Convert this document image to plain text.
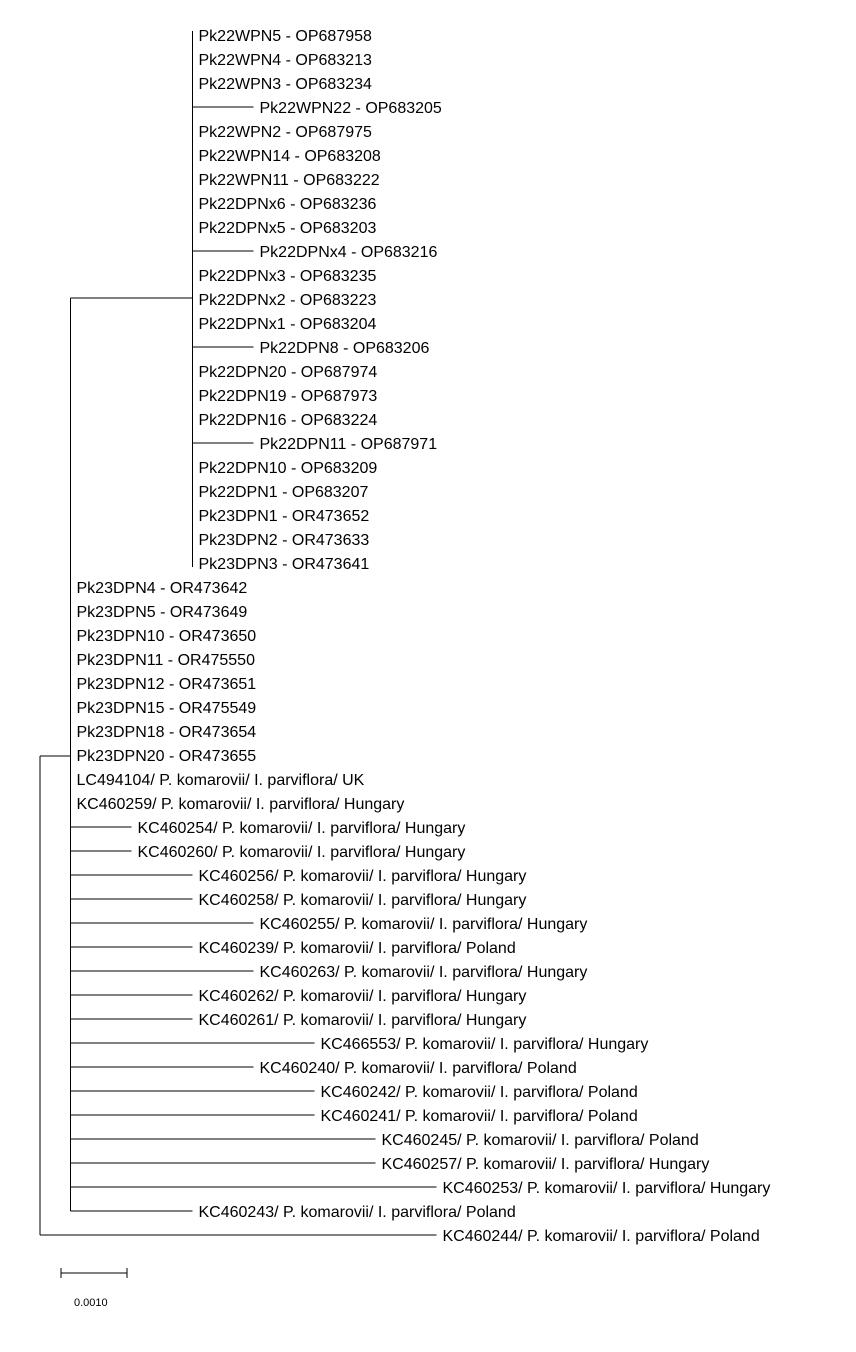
Pk22WPN5 - OP687958
Pk22WPN4 - OP683213
Pk22WPN3 - OP683234
Pk22WPN22 - OP683205
Pk22WPN2 - OP687975
Pk22WPN14 - OP683208
Pk22WPN11 - OP683222
Pk22DPNx6 - OP683236
Pk22DPNx5 - OP683203
Pk22DPNx4 - OP683216
Pk22DPNx3 - OP683235
Pk22DPNx2 - OP683223
Pk22DPNx1 - OP683204
Pk22DPN8 - OP683206
Pk22DPN20 - OP687974
Pk22DPN19 - OP687973
Pk22DPN16 - OP683224
Pk22DPN11 - OP687971
Pk22DPN10 - OP683209
Pk22DPN1 - OP683207
Pk23DPN1 - OR473652
Pk23DPN2 - OR473633
Pk23DPN3 - OR473641
Pk23DPN4 - OR473642
Pk23DPN5 - OR473649
Pk23DPN10 - OR473650
Pk23DPN11 - OR475550
Pk23DPN12 - OR473651
Pk23DPN15 - OR475549
Pk23DPN18 - OR473654
Pk23DPN20 - OR473655
LC494104/ P. komarovii/ I. parviflora/ UK
KC460259/ P. komarovii/ I. parviflora/ Hungary
KC460254/ P. komarovii/ I. parviflora/ Hungary
KC460260/ P. komarovii/ I. parviflora/ Hungary
KC460256/ P. komarovii/ I. parviflora/ Hungary
KC460258/ P. komarovii/ I. parviflora/ Hungary
KC460255/ P. komarovii/ I. parviflora/ Hungary
KC460239/ P. komarovii/ I. parviflora/ Poland
KC460263/ P. komarovii/ I. parviflora/ Hungary
KC460262/ P. komarovii/ I. parviflora/ Hungary
KC460261/ P. komarovii/ I. parviflora/ Hungary
KC466553/ P. komarovii/ I. parviflora/ Hungary
KC460240/ P. komarovii/ I. parviflora/ Poland
KC460242/ P. komarovii/ I. parviflora/ Poland
KC460241/ P. komarovii/ I. parviflora/ Poland
KC460245/ P. komarovii/ I. parviflora/ Poland
KC460257/ P. komarovii/ I. parviflora/ Hungary
KC460253/ P. komarovii/ I. parviflora/ Hungary
KC460243/ P. komarovii/ I. parviflora/ Poland
KC460244/ P. komarovii/ I. parviflora/ Poland
0.0010
